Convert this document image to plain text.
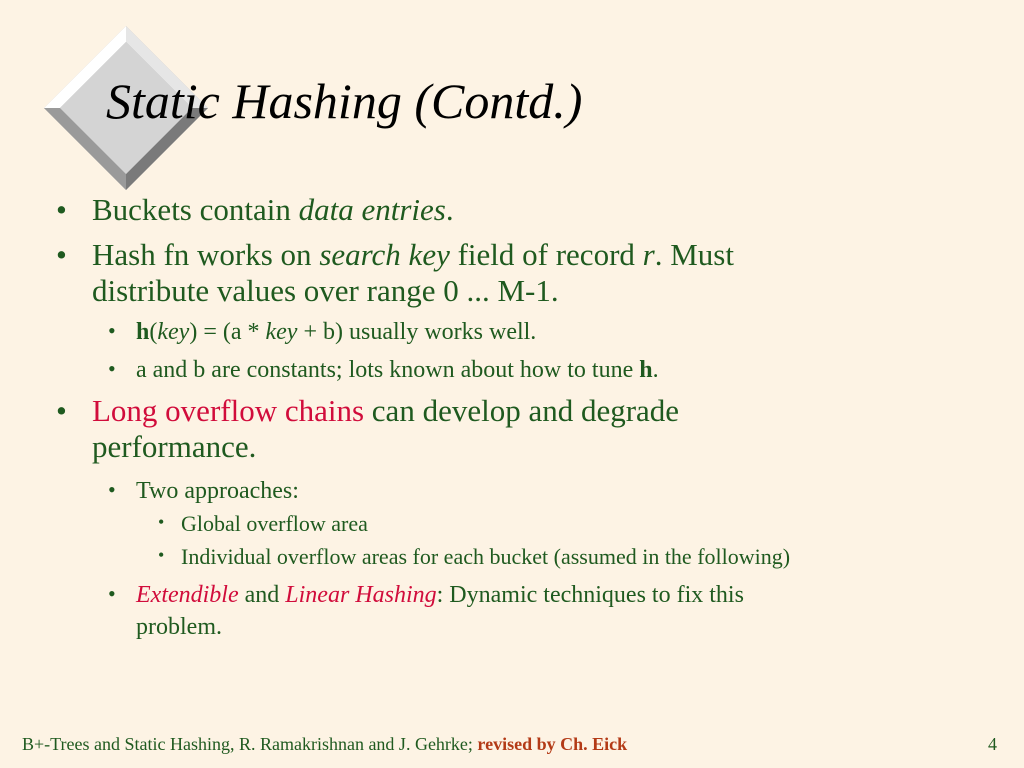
Static Hashing (Contd.)
• Buckets contain data entries.
• Hash fn works on search key field of record r. Must
distribute values over range 0 ... M-1.
• h(key) = (a * key + b) usually works well.
• a and b are constants; lots known about how to tune h.
• Long overflow chains can develop and degrade
performance.
• Two approaches:
• Global overflow area
• Individual overflow areas for each bucket (assumed in the following)
• Extendible and Linear Hashing: Dynamic techniques to fix this
problem.
B+-Trees and Static Hashing, R. Ramakrishnan and J. Gehrke; revised by Ch. Eick	4
